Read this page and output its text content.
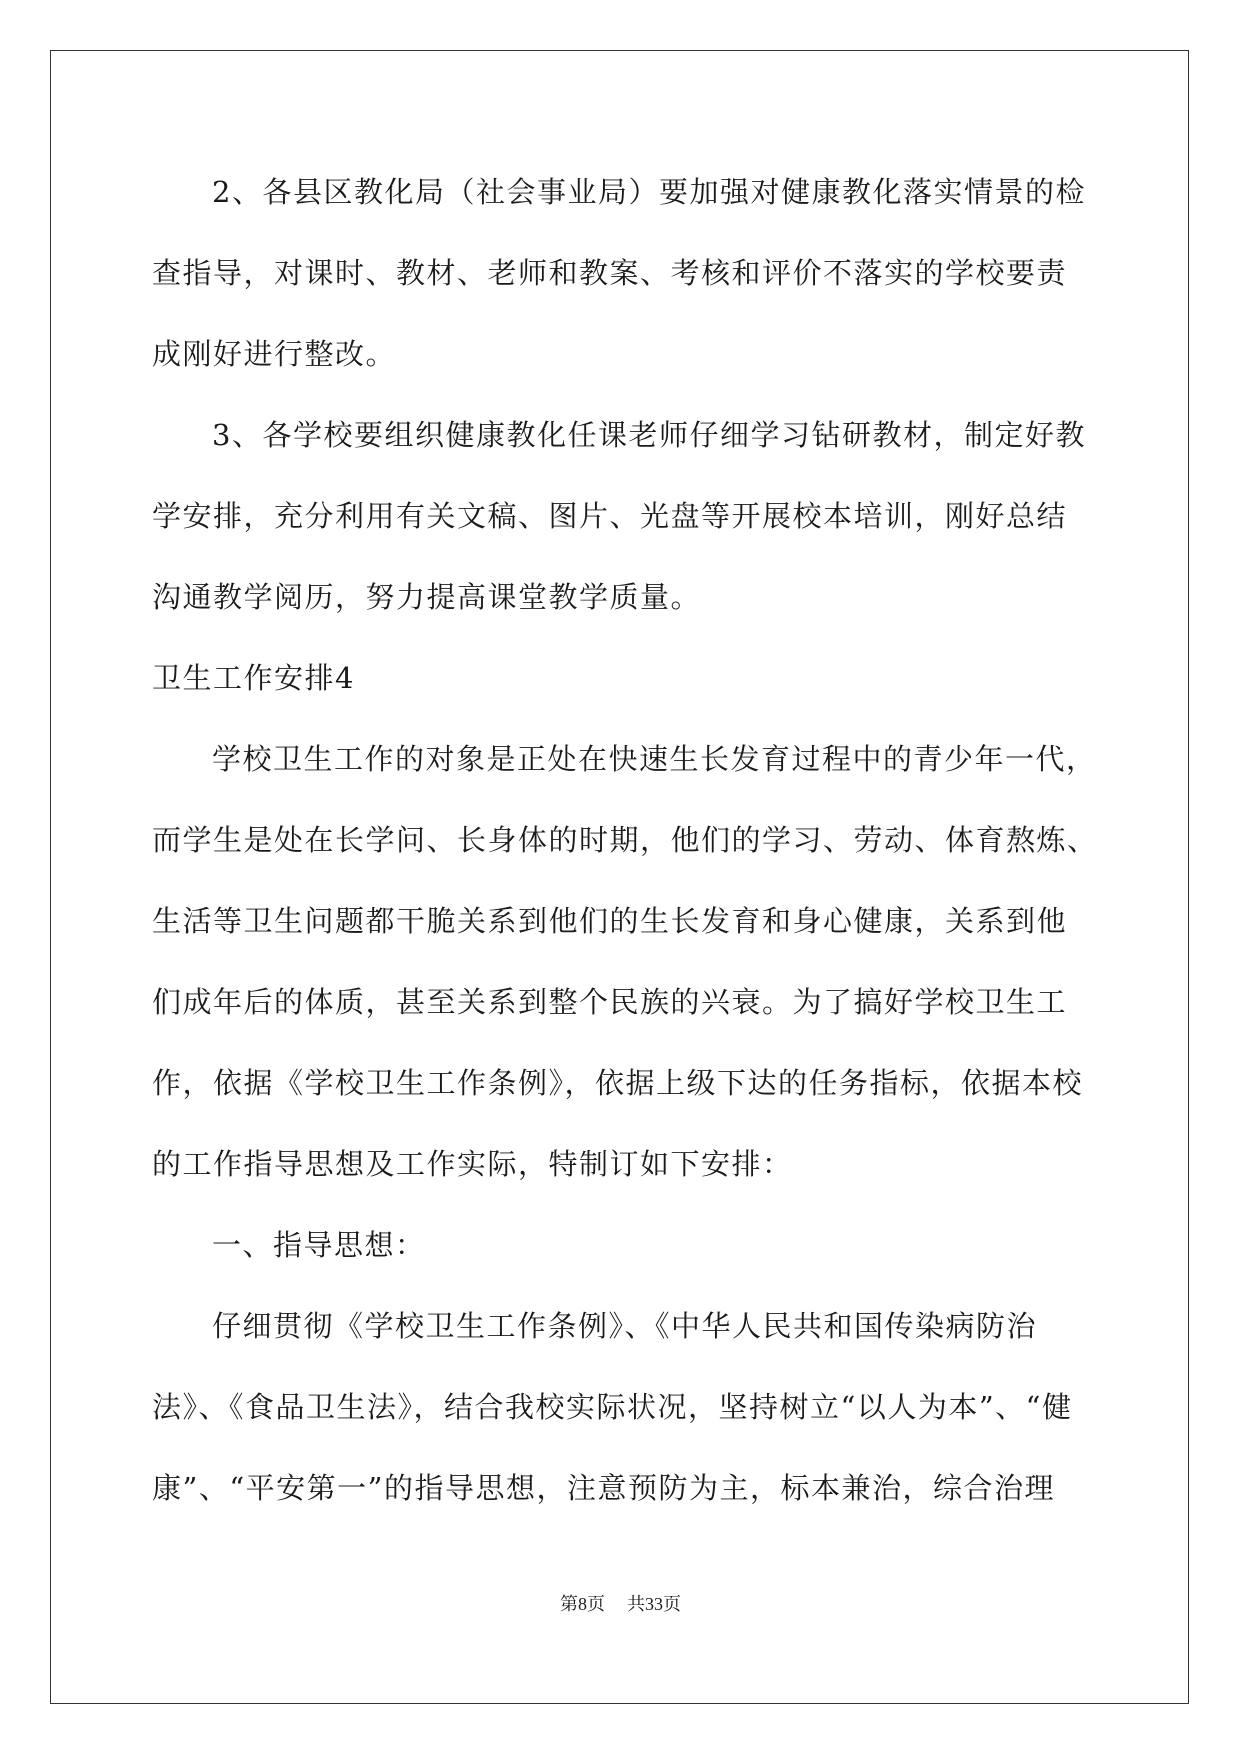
2、各县区教化局（社会事业局）要加强对健康教化落实情景的检
查指导，对课时、教材、老师和教案、考核和评价不落实的学校要责
成刚好进行整改。
3、各学校要组织健康教化任课老师仔细学习钻研教材，制定好教
学安排，充分利用有关文稿、图片、光盘等开展校本培训，刚好总结
沟通教学阅历，努力提高课堂教学质量。
卫生工作安排4
学校卫生工作的对象是正处在快速生长发育过程中的青少年一代，
而学生是处在长学问、长身体的时期，他们的学习、劳动、体育熬炼、
生活等卫生问题都干脆关系到他们的生长发育和身心健康，关系到他
们成年后的体质，甚至关系到整个民族的兴衰。为了搞好学校卫生工
作，依据《学校卫生工作条例》，依据上级下达的任务指标，依据本校
的工作指导思想及工作实际，特制订如下安排：
一、指导思想：
仔细贯彻《学校卫生工作条例》、《中华人民共和国传染病防治
法》、《食品卫生法》，结合我校实际状况，坚持树立“以人为本”、“健
康”、“平安第一”的指导思想，注意预防为主，标本兼治，综合治理
第8页 共33页
